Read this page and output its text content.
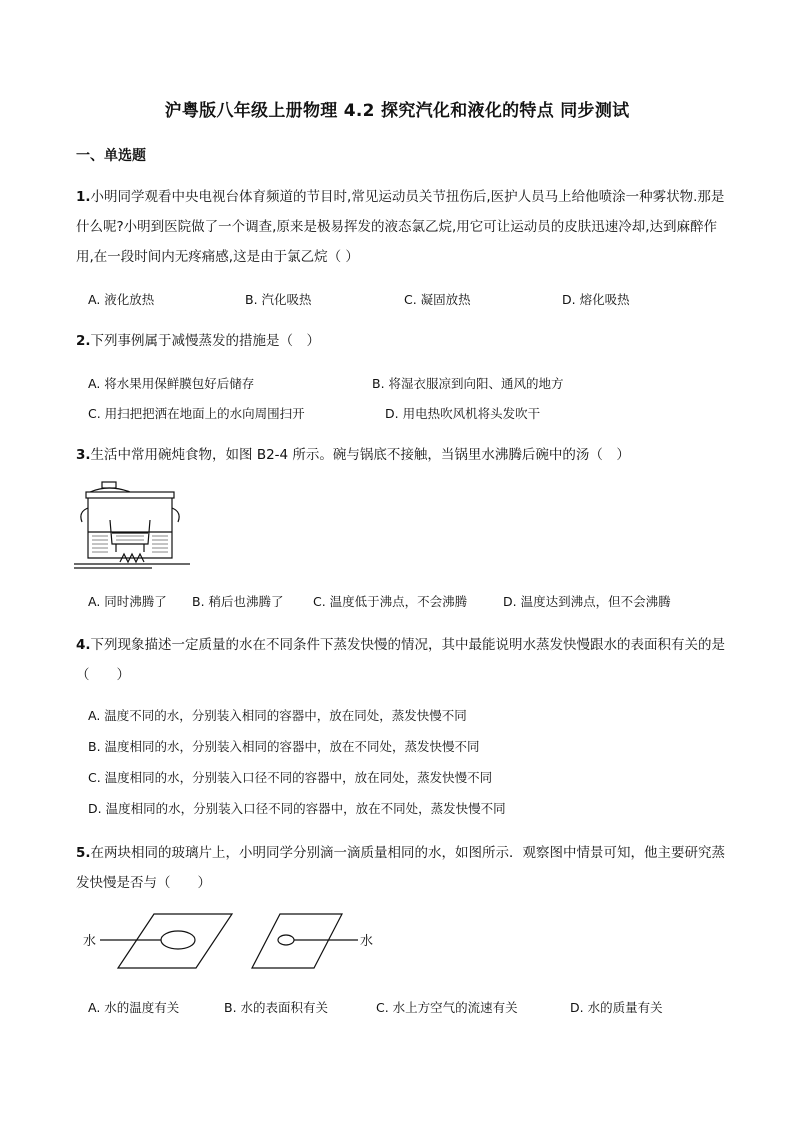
沪粤版八年级上册物理 4.2 探究汽化和液化的特点 同步测试
一、单选题
1.小明同学观看中央电视台体育频道的节目时,常见运动员关节扭伤后,医护人员马上给他喷涂一种雾状物.那是什么呢?小明到医院做了一个调查,原来是极易挥发的液态氯乙烷,用它可让运动员的皮肤迅速冷却,达到麻醉作用,在一段时间内无疼痛感,这是由于氯乙烷（ ）
A. 液化放热	B. 汽化吸热	C. 凝固放热	D. 熔化吸热
2.下列事例属于减慢蒸发的措施是（　）
A. 将水果用保鲜膜包好后储存	B. 将湿衣服凉到向阳、通风的地方
C. 用扫把把洒在地面上的水向周围扫开	D. 用电热吹风机将头发吹干
3.生活中常用碗炖食物，如图 B2-4 所示。碗与锅底不接触，当锅里水沸腾后碗中的汤（　）
A. 同时沸腾了 B. 稍后也沸腾了 C. 温度低于沸点，不会沸腾	D. 温度达到沸点，但不会沸腾
4.下列现象描述一定质量的水在不同条件下蒸发快慢的情况，其中最能说明水蒸发快慢跟水的表面积有关的是（　　）
A. 温度不同的水，分别装入相同的容器中，放在同处，蒸发快慢不同
B. 温度相同的水，分别装入相同的容器中，放在不同处，蒸发快慢不同
C. 温度相同的水，分别装入口径不同的容器中，放在同处，蒸发快慢不同
D. 温度相同的水，分别装入口径不同的容器中，放在不同处，蒸发快慢不同
5.在两块相同的玻璃片上，小明同学分别滴一滴质量相同的水，如图所示．观察图中情景可知，他主要研究蒸发快慢是否与（　　）
水	水
A. 水的温度有关	B. 水的表面积有关	C. 水上方空气的流速有关	D. 水的质量有关
